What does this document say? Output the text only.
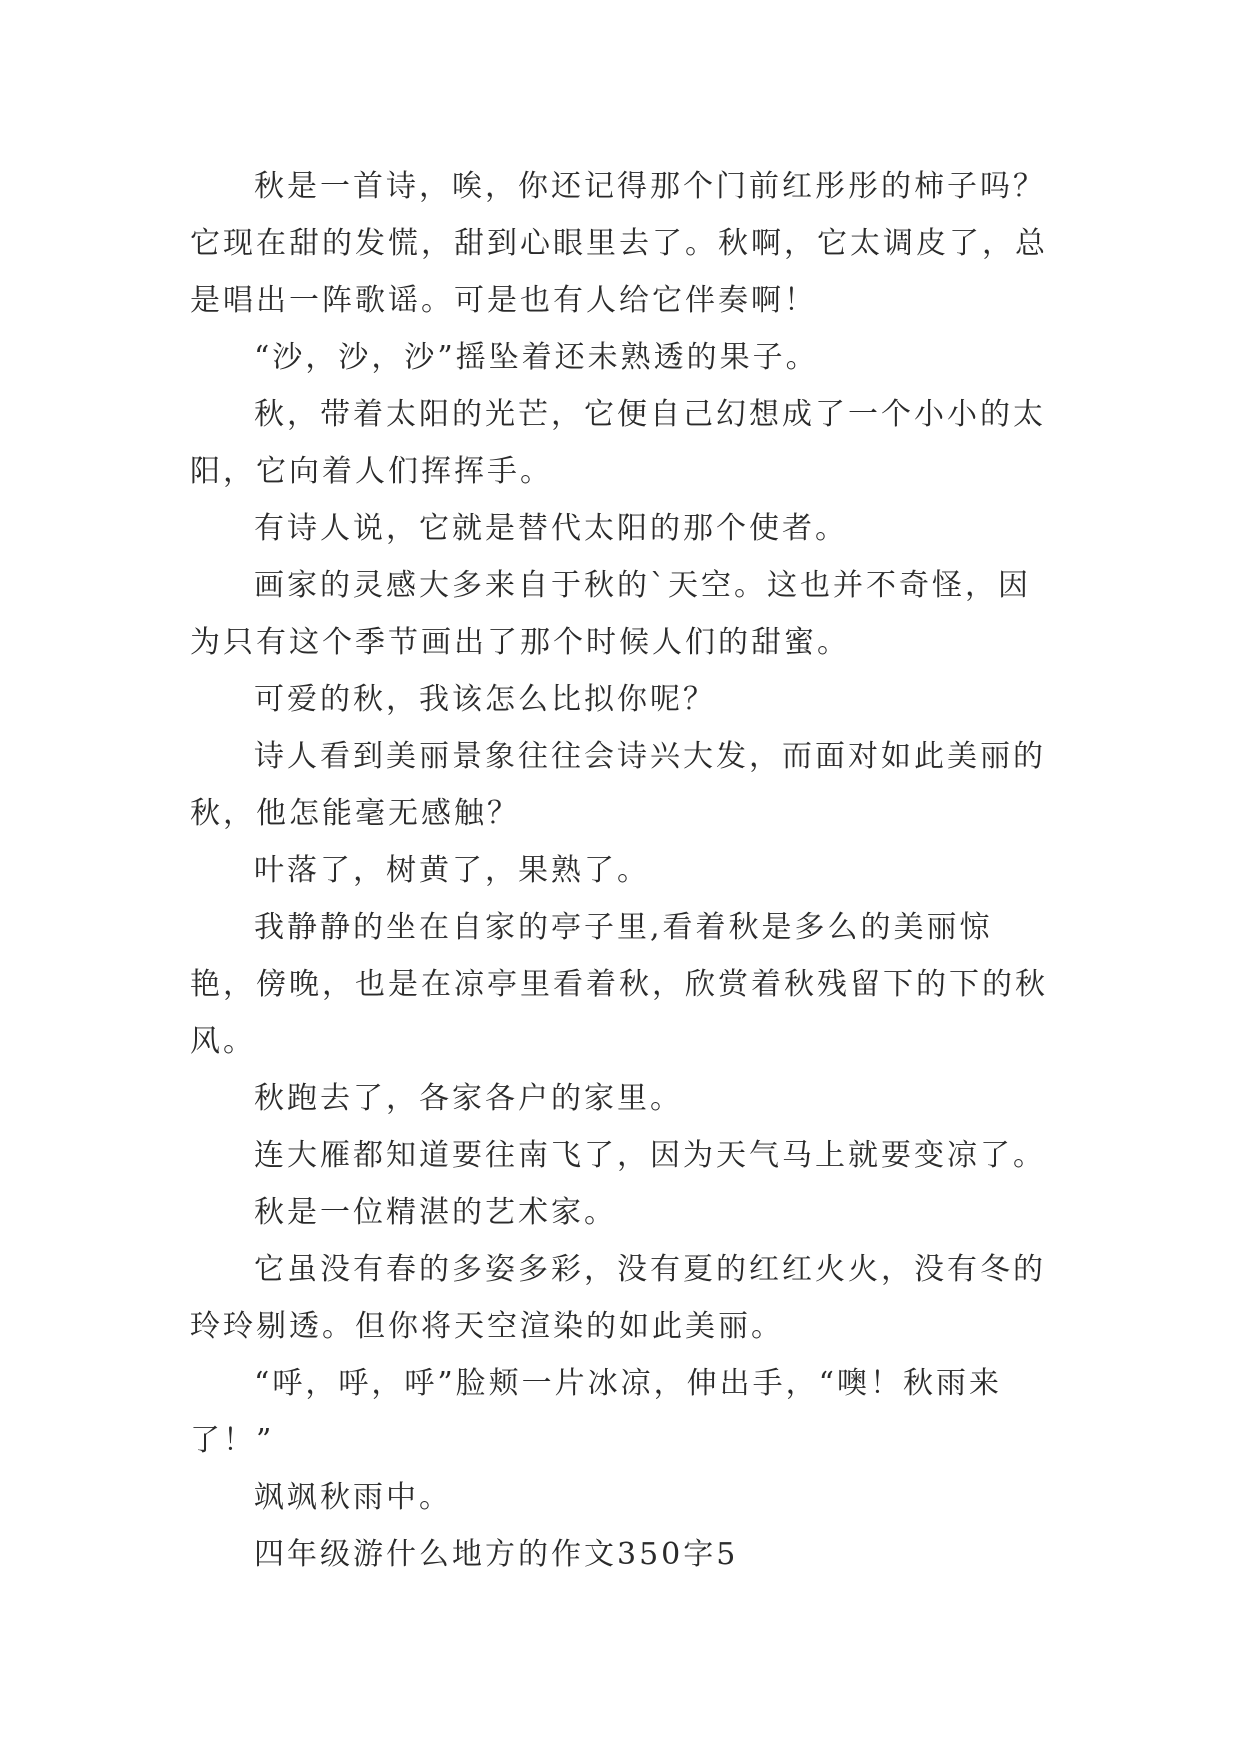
秋是一首诗，唉，你还记得那个门前红彤彤的柿子吗？它现在甜的发慌，甜到心眼里去了。秋啊，它太调皮了，总是唱出一阵歌谣。可是也有人给它伴奏啊！

“沙，沙，沙”摇坠着还未熟透的果子。

秋，带着太阳的光芒，它便自己幻想成了一个小小的太阳，它向着人们挥挥手。

有诗人说，它就是替代太阳的那个使者。

画家的灵感大多来自于秋的`天空。这也并不奇怪，因为只有这个季节画出了那个时候人们的甜蜜。

可爱的秋，我该怎么比拟你呢？

诗人看到美丽景象往往会诗兴大发，而面对如此美丽的秋，他怎能毫无感触？

叶落了，树黄了，果熟了。

我静静的坐在自家的亭子里,看着秋是多么的美丽惊艳，傍晚，也是在凉亭里看着秋，欣赏着秋残留下的下的秋风。

秋跑去了，各家各户的家里。

连大雁都知道要往南飞了，因为天气马上就要变凉了。

秋是一位精湛的艺术家。

它虽没有春的多姿多彩，没有夏的红红火火，没有冬的玲玲剔透。但你将天空渲染的如此美丽。

“呼，呼，呼”脸颊一片冰凉，伸出手，“噢！秋雨来了！”

飒飒秋雨中。

四年级游什么地方的作文350字5
